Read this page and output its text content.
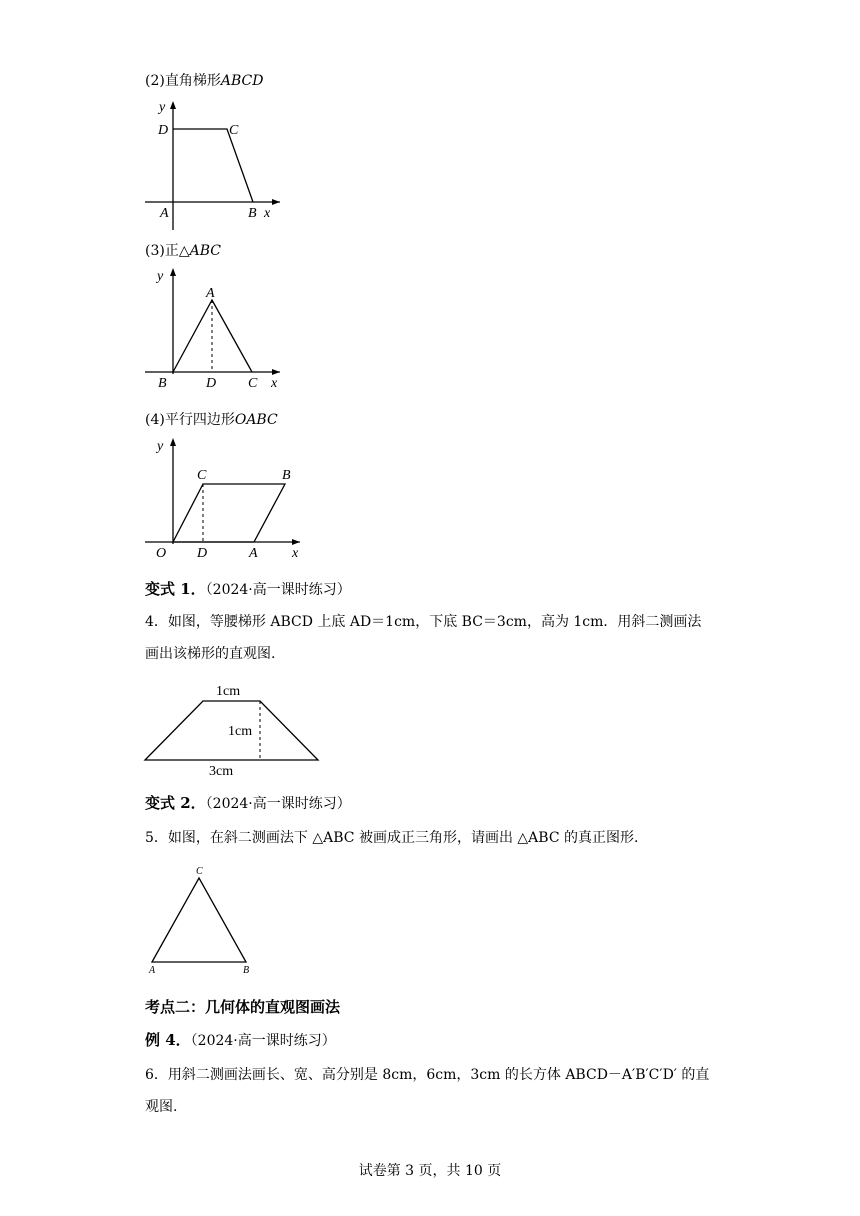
(2)直角梯形ABCD
y
D	C
A	B x
(3)正△ABC
y
A
B	D C x
(4)平行四边形OABC
y
C	B
O D	A x
变式 1．（2024·高一课时练习）
4．如图，等腰梯形 ABCD 上底 AD＝1cm，下底 BC＝3cm，高为 1cm．用斜二测画法
画出该梯形的直观图.
1cm
1cm
3cm
变式 2．（2024·高一课时练习）
5．如图，在斜二测画法下 △ABC 被画成正三角形，请画出 △ABC 的真正图形.
C
A	B
考点二：几何体的直观图画法
例 4．（2024·高一课时练习）
6．用斜二测画法画长、宽、高分别是 8cm，6cm，3cm 的长方体 ABCD－A′B′C′D′ 的直
观图.
试卷第 3 页，共 10 页
